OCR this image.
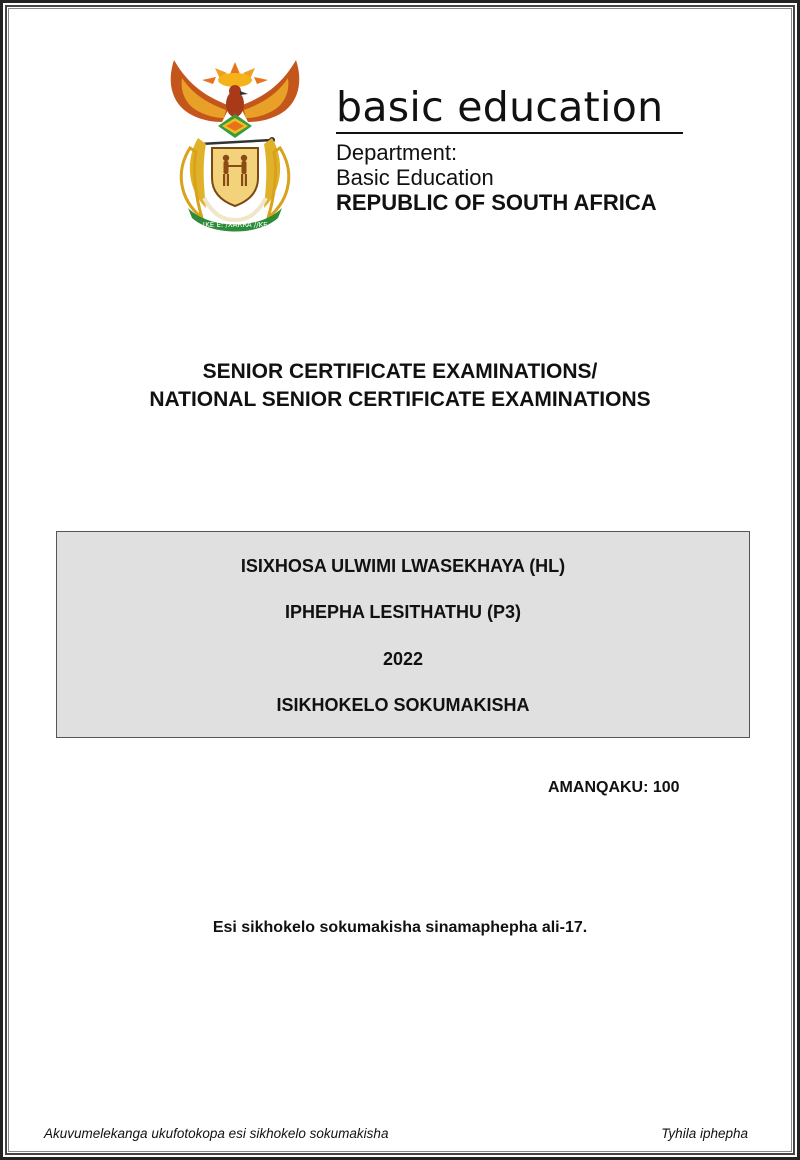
!KE E: /XARRA //KE
basic education
Department:
Basic Education
REPUBLIC OF SOUTH AFRICA
SENIOR CERTIFICATE EXAMINATIONS/
NATIONAL SENIOR CERTIFICATE EXAMINATIONS
ISIXHOSA ULWIMI LWASEKHAYA (HL)
IPHEPHA LESITHATHU (P3)
2022
ISIKHOKELO SOKUMAKISHA
AMANQAKU: 100
Esi sikhokelo sokumakisha sinamaphepha ali-17.
Akuvumelekanga ukufotokopa esi sikhokelo sokumakisha	Tyhila iphepha
